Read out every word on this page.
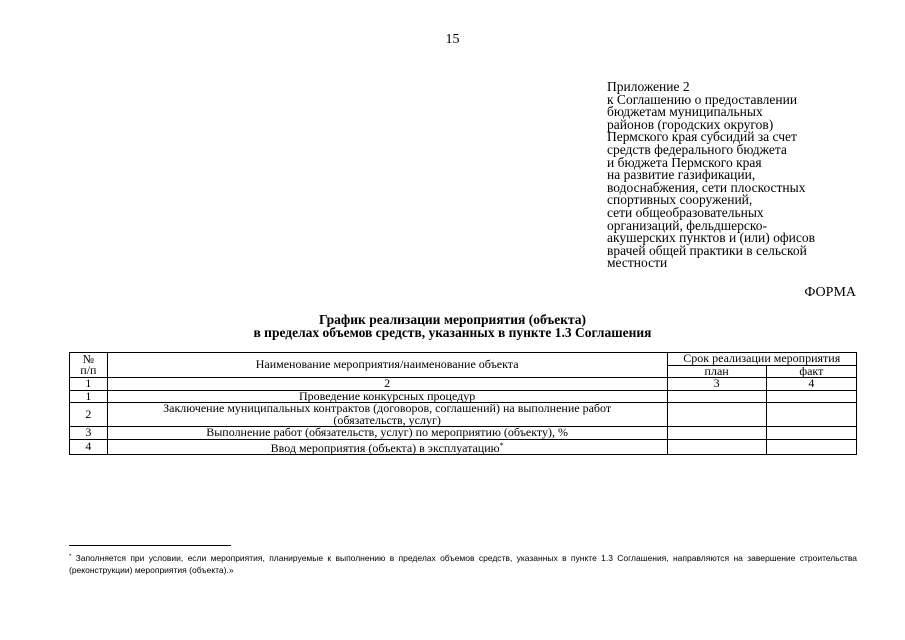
15
Приложение 2
к Соглашению о предоставлении
бюджетам муниципальных
районов (городских округов)
Пермского края субсидий за счет
средств федерального бюджета
и бюджета Пермского края
на развитие газификации,
водоснабжения, сети плоскостных
спортивных сооружений,
сети общеобразовательных
организаций, фельдшерско-
акушерских пунктов и (или) офисов
врачей общей практики в сельской
местности
ФОРМА
График реализации мероприятия (объекта)
в пределах объемов средств, указанных в пункте 1.3 Соглашения
№
п/п	Наименование мероприятия/наименование объекта	Срок реализации мероприятия	
		план	факт
1	2	3	4
1	Проведение конкурсных процедур		
2	Заключение муниципальных контрактов (договоров, соглашений) на выполнение работ (обязательств, услуг)		
3	Выполнение работ (обязательств, услуг) по мероприятию (объекту), %		
4	Ввод мероприятия (объекта) в эксплуатацию*		
* Заполняется при условии, если мероприятия, планируемые к выполнению в пределах объемов средств, указанных в пункте 1.3 Соглашения, направляются на завершение строительства (реконструкции) мероприятия (объекта).»
